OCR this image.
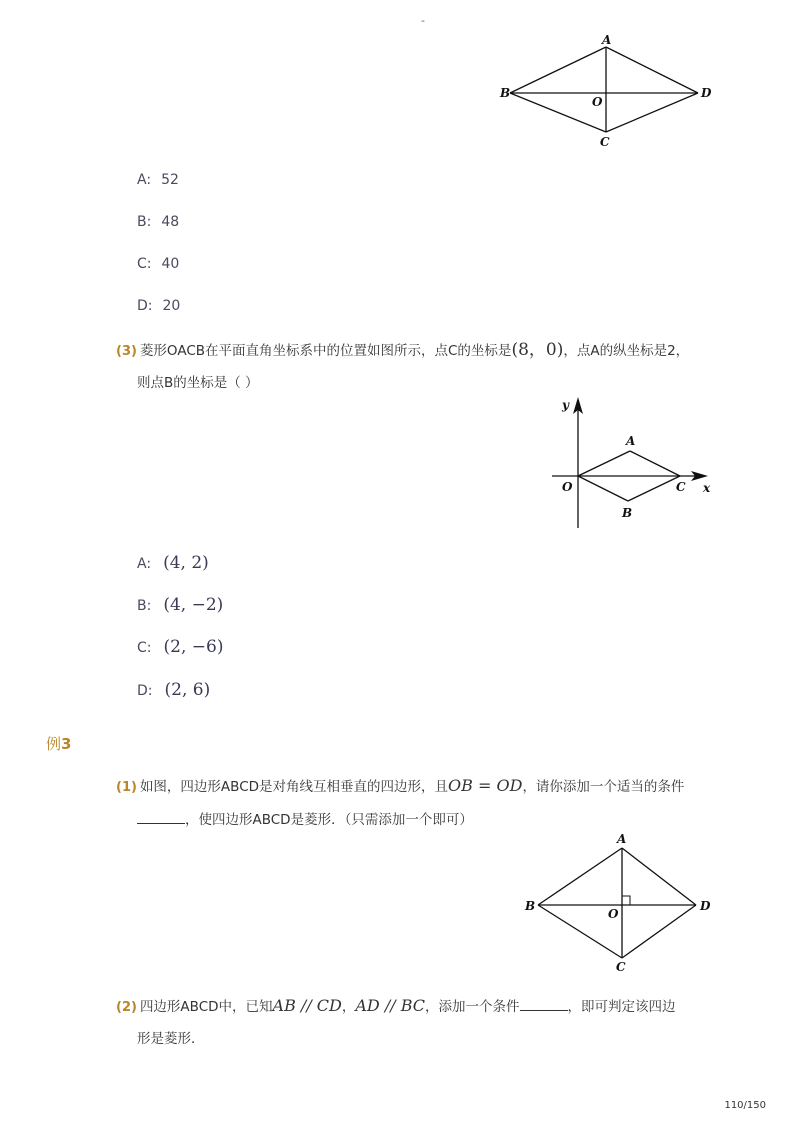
-
A
B	D
O
C
A: 52
B: 48
C: 40
D: 20
(3) 菱形OACB在平面直角坐标系中的位置如图所示，点C的坐标是(8，0)，点A的纵坐标是2，
则点B的坐标是（ ）
y
A
O	C x
B
A: (4, 2)
B: (4, −2)
C: (2, −6)
D: (2, 6)
例3
(1) 如图，四边形ABCD是对角线互相垂直的四边形，且OB = OD，请你添加一个适当的条件
，使四边形ABCD是菱形．（只需添加一个即可）
A
B	D
O
C
(2) 四边形ABCD中，已知AB // CD，AD // BC，添加一个条件	，即可判定该四边
形是菱形．
110/150
